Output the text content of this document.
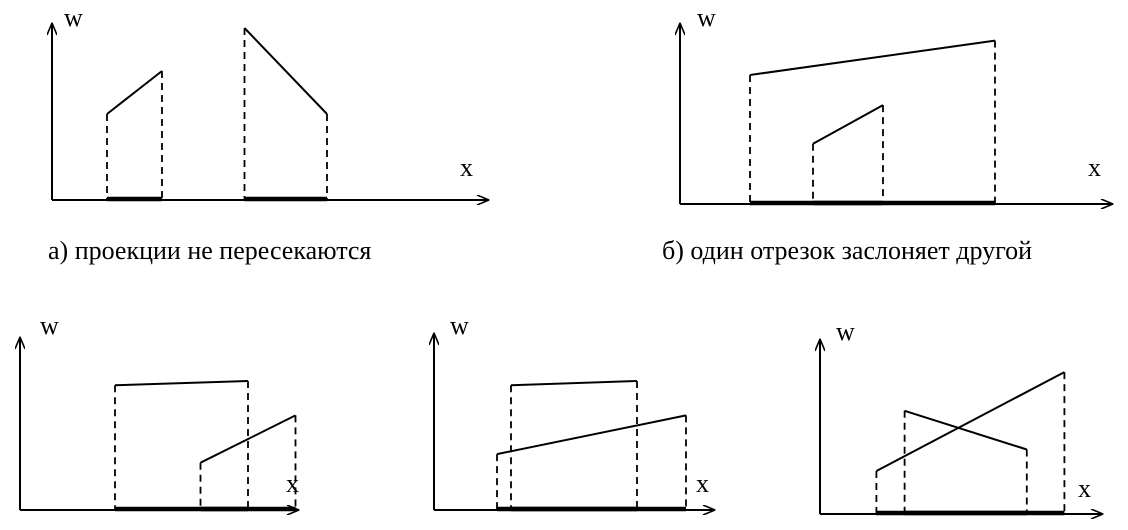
w
x
а) проекции не пересекаются
w
x
б) один отрезок заслоняет другой
w
x
w
x
w
x
